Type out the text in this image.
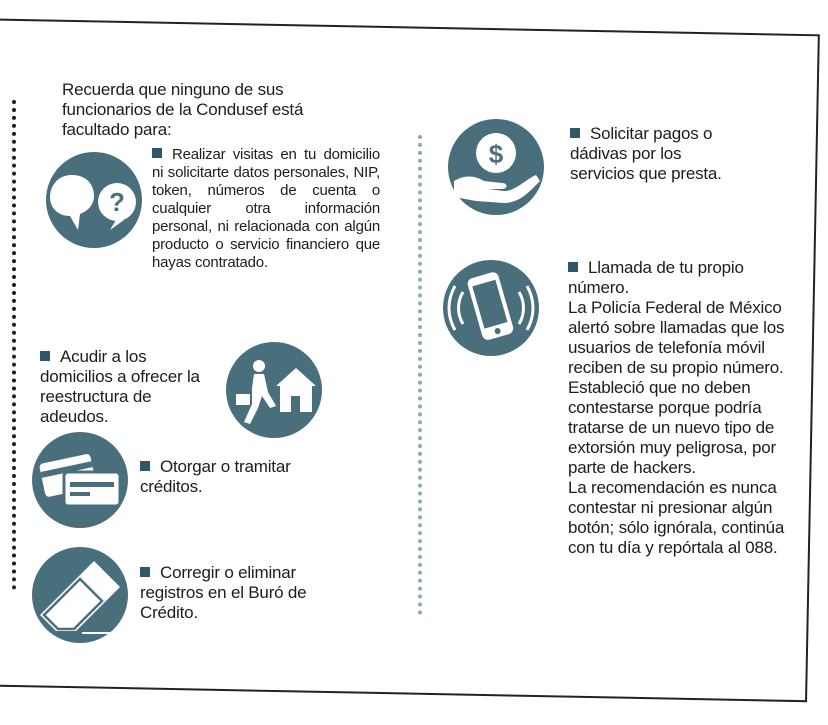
Recuerda que ninguno de sus funcionarios de la Condusef está facultado para:
?
Realizar visitas en tu domicilio ni solicitarte datos personales, NIP, token, números de cuenta o cualquier otra información personal, ni relacionada con algún producto o servicio financiero que hayas contratado.
Acudir a los domicilios a ofrecer la reestructura de adeudos.
Otorgar o tramitar créditos.
Corregir o eliminar registros en el Buró de Crédito.
$
Solicitar pagos o dádivas por los servicios que presta.
Llamada de tu propio número.
La Policía Federal de México alertó sobre llamadas que los usuarios de telefonía móvil reciben de su propio número. Estableció que no deben contestarse porque podría tratarse de un nuevo tipo de extorsión muy peligrosa, por parte de hackers.
La recomendación es nunca contestar ni presionar algún botón; sólo ignórala, continúa con tu día y repórtala al 088.
